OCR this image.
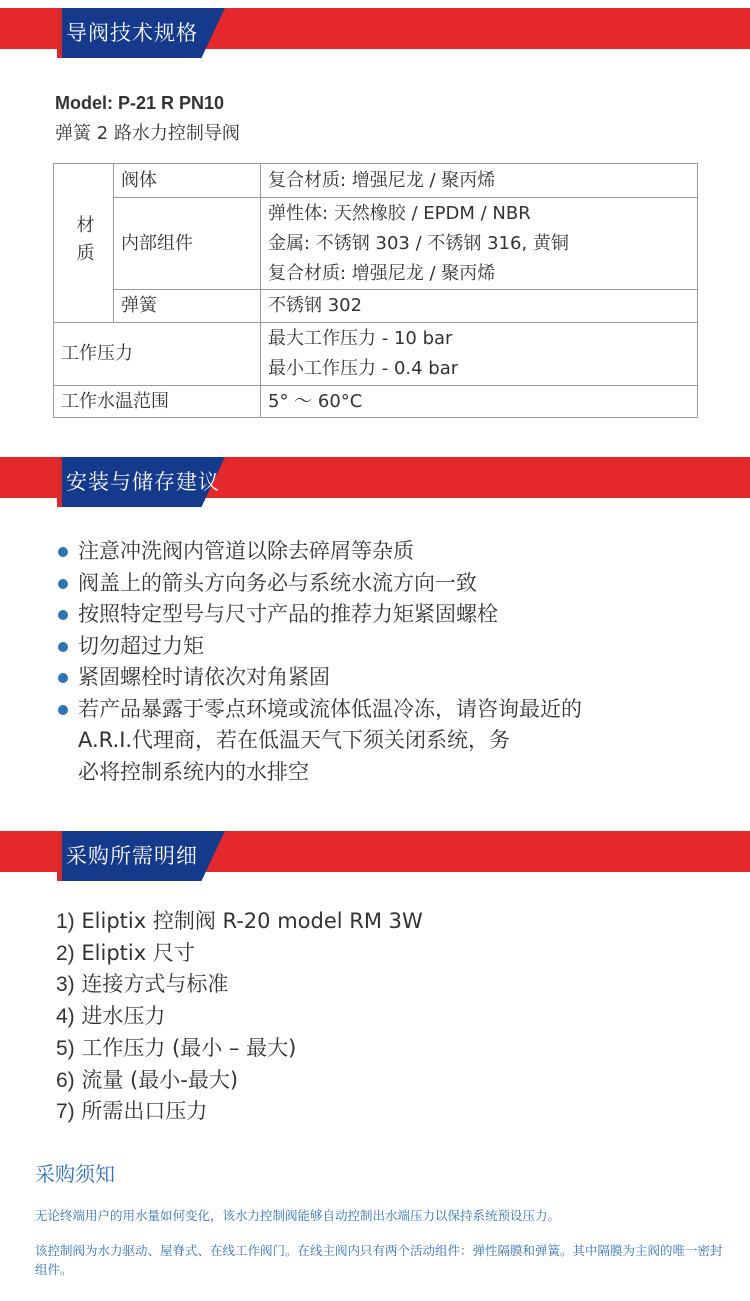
导阀技术规格
Model: P-21 R PN10
弹簧 2 路水力控制导阀
材质	阀体	复合材质: 增强尼龙 / 聚丙烯
	内部组件	弹性体: 天然橡胶 / EPDM / NBR
金属: 不锈钢 303 / 不锈钢 316, 黄铜
复合材质: 增强尼龙 / 聚丙烯

	弹簧	不锈钢 302
工作压力		最大工作压力 - 10 bar
最小工作压力 - 0.4 bar

工作水温范围		5° ～ 60°C
安装与储存建议
注意冲洗阀内管道以除去碎屑等杂质
阀盖上的箭头方向务必与系统水流方向一致
按照特定型号与尺寸产品的推荐力矩紧固螺栓
切勿超过力矩
紧固螺栓时请依次对角紧固
若产品暴露于零点环境或流体低温冷冻，请咨询最近的
A.R.I.代理商，若在低温天气下须关闭系统，务
必将控制系统内的水排空
采购所需明细
1) Eliptix 控制阀 R-20 model RM 3W
2) Eliptix 尺寸
3) 连接方式与标准
4) 进水压力
5) 工作压力 (最小 – 最大)
6) 流量 (最小-最大)
7) 所需出口压力
采购须知
无论终端用户的用水量如何变化，该水力控制阀能够自动控制出水端压力以保持系统预设压力。
该控制阀为水力驱动、屋脊式、在线工作阀门。在线主阀内只有两个活动组件：弹性隔膜和弹簧。其中隔膜为主阀的唯一密封组件。
